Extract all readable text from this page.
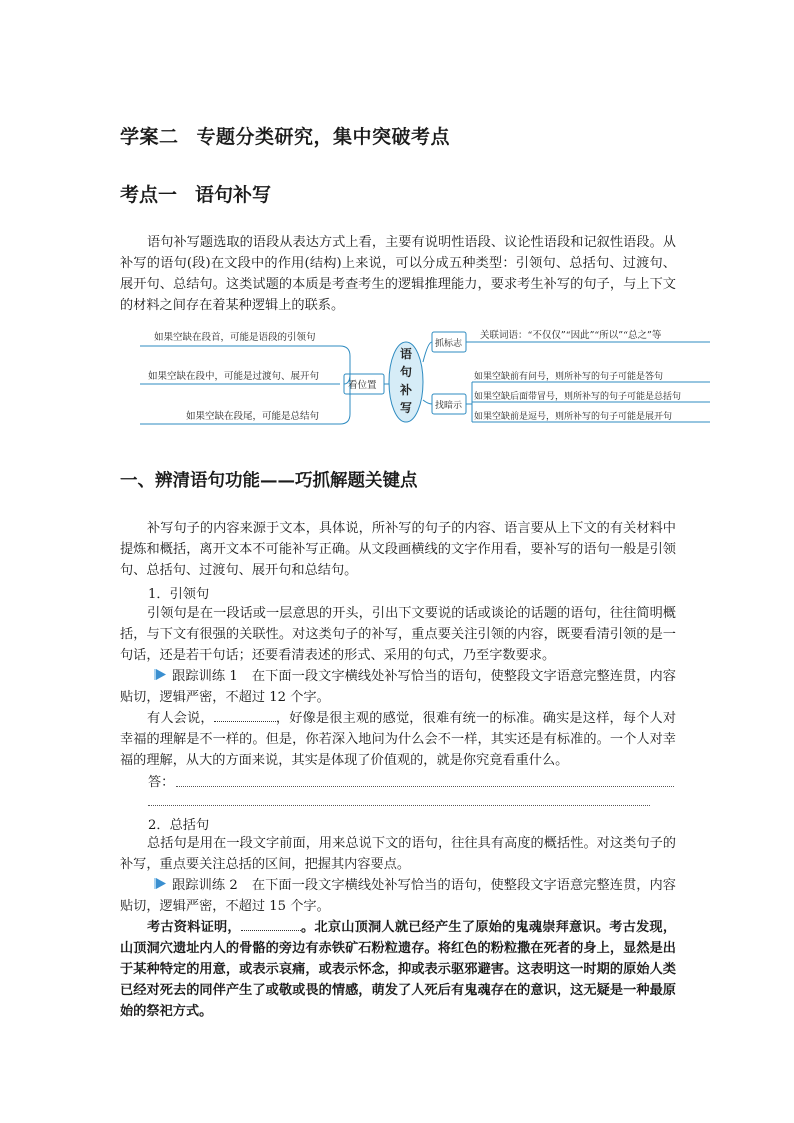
学案二 专题分类研究，集中突破考点
考点一 语句补写
语句补写题选取的语段从表达方式上看，主要有说明性语段、议论性语段和记叙性语段。从补写的语句(段)在文段中的作用(结构)上来说，可以分成五种类型：引领句、总括句、过渡句、展开句、总结句。这类试题的本质是考查考生的逻辑推理能力，要求考生补写的句子，与上下文的材料之间存在着某种逻辑上的联系。
如果空缺在段首，可能是语段的引领句
如果空缺在段中，可能是过渡句、展开句
如果空缺在段尾，可能是总结句
看位置
抓标志
找暗示
关联词语：“不仅仅”“因此”“所以”“总之”等
如果空缺前有问号，则所补写的句子可能是答句
如果空缺后面带冒号，则所补写的句子可能是总括句
如果空缺前是逗号，则所补写的句子可能是展开句
语
句
补
写
一、辨清语句功能——巧抓解题关键点
补写句子的内容来源于文本，具体说，所补写的句子的内容、语言要从上下文的有关材料中提炼和概括，离开文本不可能补写正确。从文段画横线的文字作用看，要补写的语句一般是引领句、总括句、过渡句、展开句和总结句。
1．引领句
引领句是在一段话或一层意思的开头，引出下文要说的话或谈论的话题的语句，往往简明概括，与下文有很强的关联性。对这类句子的补写，重点要关注引领的内容，既要看清引领的是一句话，还是若干句话；还要看清表述的形式、采用的句式，乃至字数要求。
跟踪训练 1 在下面一段文字横线处补写恰当的语句，使整段文字语意完整连贯，内容贴切，逻辑严密，不超过 12 个字。
有人会说，	，好像是很主观的感觉，很难有统一的标准。确实是这样，每个人对幸福的理解是不一样的。但是，你若深入地问为什么会不一样，其实还是有标准的。一个人对幸福的理解，从大的方面来说，其实是体现了价值观的，就是你究竟看重什么。
答：
2．总括句
总括句是用在一段文字前面，用来总说下文的语句，往往具有高度的概括性。对这类句子的补写，重点要关注总括的区间，把握其内容要点。
跟踪训练 2 在下面一段文字横线处补写恰当的语句，使整段文字语意完整连贯，内容贴切，逻辑严密，不超过 15 个字。
考古资料证明，	。北京山顶洞人就已经产生了原始的鬼魂崇拜意识。考古发现，山顶洞穴遗址内人的骨骼的旁边有赤铁矿石粉粒遗存。将红色的粉粒撒在死者的身上，显然是出于某种特定的用意，或表示哀痛，或表示怀念，抑或表示驱邪避害。这表明这一时期的原始人类已经对死去的同伴产生了或敬或畏的情感，萌发了人死后有鬼魂存在的意识，这无疑是一种最原始的祭祀方式。
